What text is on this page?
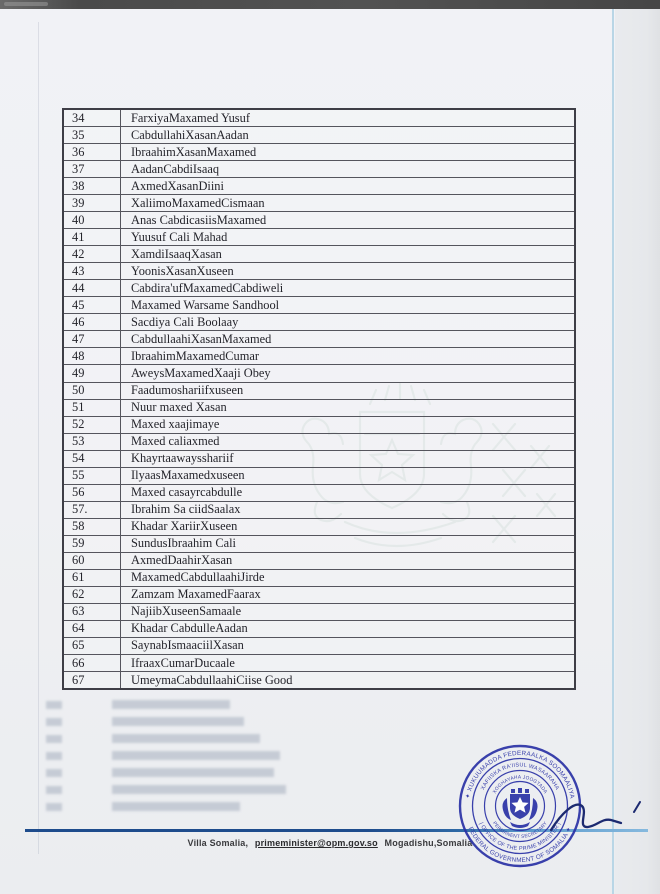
34	FarxiyaMaxamed Yusuf
35	CabdullahiXasanAadan
36	IbraahimXasanMaxamed
37	AadanCabdiIsaaq
38	AxmedXasanDiini
39	XaliimoMaxamedCismaan
40	Anas CabdicasiisMaxamed
41	Yuusuf Cali Mahad
42	XamdiIsaaqXasan
43	YoonisXasanXuseen
44	Cabdira'ufMaxamedCabdiweli
45	Maxamed Warsame Sandhool
46	Sacdiya Cali Boolaay
47	CabdullaahiXasanMaxamed
48	IbraahimMaxamedCumar
49	AweysMaxamedXaaji Obey
50	Faadumoshariifxuseen
51	Nuur maxed Xasan
52	Maxed xaajimaye
53	Maxed caliaxmed
54	Khayrtaawaysshariif
55	IlyaasMaxamedxuseen
56	Maxed casayrcabdulle
57.	Ibrahim Sa ciidSaalax
58	Khadar XariirXuseen
59	SundusIbraahim Cali
60	AxmedDaahirXasan
61	MaxamedCabdullaahiJirde
62	Zamzam MaxamedFaarax
63	NajiibXuseenSamaale
64	Khadar CabdulleAadan
65	SaynabIsmaaciilXasan
66	IfraaxCumarDucaale
67	UmeymaCabdullaahiCiise Good
Villa Somalia, primeminister@opm.gov.so Mogadishu,Somalia
✦ XUKUUMADDA FEDERAALKA SOOMAALIYA
FEDERAL GOVERNMENT OF SOMALIA ✦
XAFIISKA RA'IISUL WASAARAHA
| OFFICE OF THE PRIME MINISTER |
XOGHAYAHA JOOGTADA
PERMANENT SECRETARY
